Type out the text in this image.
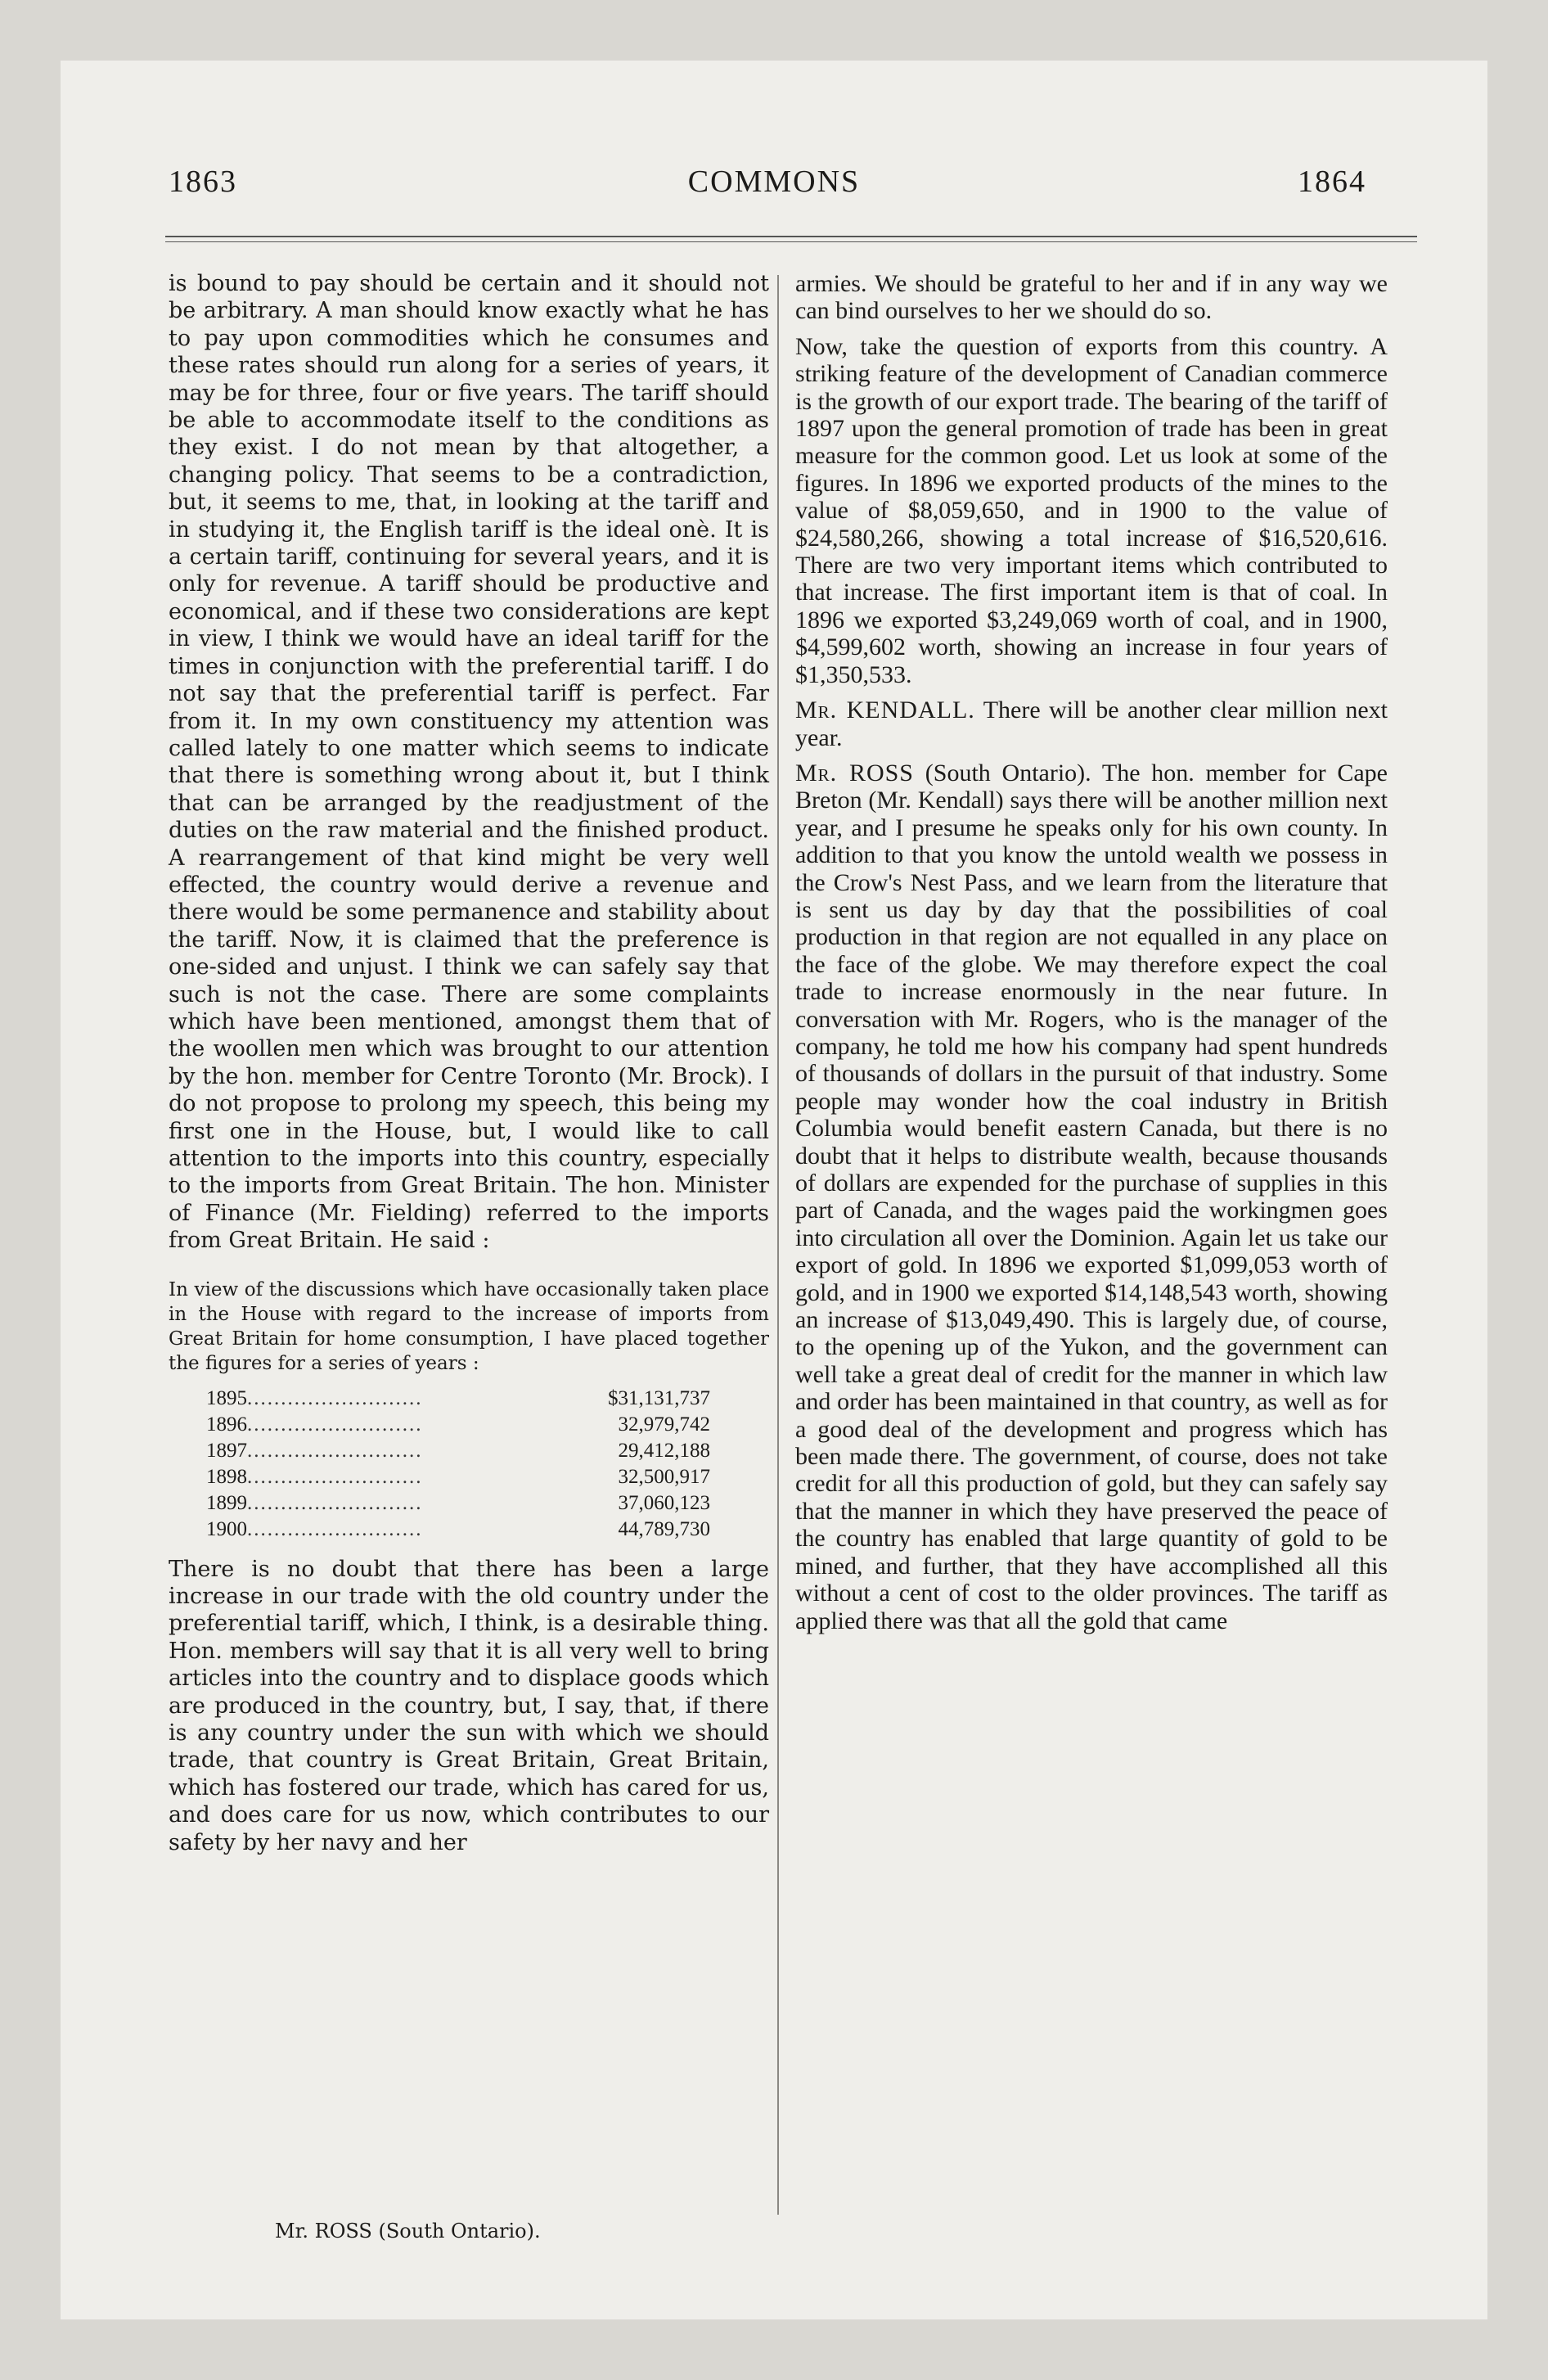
1863	COMMONS	1864

is bound to pay should be certain and it should not be arbitrary. A man should know exactly what he has to pay upon commodities which he consumes and these rates should run along for a series of years, it may be for three, four or five years. The tariff should be able to accommodate itself to the conditions as they exist. I do not mean by that altogether, a changing policy. That seems to be a contradiction, but, it seems to me, that, in looking at the tariff and in studying it, the English tariff is the ideal onè. It is a certain tariff, continuing for several years, and it is only for revenue. A tariff should be productive and economical, and if these two considerations are kept in view, I think we would have an ideal tariff for the times in conjunction with the preferential tariff. I do not say that the preferential tariff is perfect. Far from it. In my own constituency my attention was called lately to one matter which seems to indicate that there is something wrong about it, but I think that can be arranged by the readjustment of the duties on the raw material and the finished product. A rearrangement of that kind might be very well effected, the country would derive a revenue and there would be some permanence and stability about the tariff. Now, it is claimed that the preference is one-sided and unjust. I think we can safely say that such is not the case. There are some complaints which have been mentioned, amongst them that of the woollen men which was brought to our attention by the hon. member for Centre Toronto (Mr. Brock). I do not propose to prolong my speech, this being my first one in the House, but, I would like to call attention to the imports into this country, especially to the imports from Great Britain. The hon. Minister of Finance (Mr. Fielding) referred to the imports from Great Britain. He said :

In view of the discussions which have occasionally taken place in the House with regard to the increase of imports from Great Britain for home consumption, I have placed together the figures for a series of years :
1895..........................	$31,131,737
1896..........................	32,979,742
1897..........................	29,412,188
1898..........................	32,500,917
1899..........................	37,060,123
1900..........................	44,789,730

There is no doubt that there has been a large increase in our trade with the old country under the preferential tariff, which, I think, is a desirable thing. Hon. members will say that it is all very well to bring articles into the country and to displace goods which are produced in the country, but, I say, that, if there is any country under the sun with which we should trade, that country is Great Britain, Great Britain, which has fostered our trade, which has cared for us, and does care for us now, which contributes to our safety by her navy and her

armies. We should be grateful to her and if in any way we can bind ourselves to her we should do so.

Now, take the question of exports from this country. A striking feature of the development of Canadian commerce is the growth of our export trade. The bearing of the tariff of 1897 upon the general promotion of trade has been in great measure for the common good. Let us look at some of the figures. In 1896 we exported products of the mines to the value of $8,059,650, and in 1900 to the value of $24,580,266, showing a total increase of $16,520,616. There are two very important items which contributed to that increase. The first important item is that of coal. In 1896 we exported $3,249,069 worth of coal, and in 1900, $4,599,602 worth, showing an increase in four years of $1,350,533.

Mr. KENDALL. There will be another clear million next year.

Mr. ROSS (South Ontario). The hon. member for Cape Breton (Mr. Kendall) says there will be another million next year, and I presume he speaks only for his own county. In addition to that you know the untold wealth we possess in the Crow's Nest Pass, and we learn from the literature that is sent us day by day that the possibilities of coal production in that region are not equalled in any place on the face of the globe. We may therefore expect the coal trade to increase enormously in the near future. In conversation with Mr. Rogers, who is the manager of the company, he told me how his company had spent hundreds of thousands of dollars in the pursuit of that industry. Some people may wonder how the coal industry in British Columbia would benefit eastern Canada, but there is no doubt that it helps to distribute wealth, because thousands of dollars are expended for the purchase of supplies in this part of Canada, and the wages paid the workingmen goes into circulation all over the Dominion. Again let us take our export of gold. In 1896 we exported $1,099,053 worth of gold, and in 1900 we exported $14,148,543 worth, showing an increase of $13,049,490. This is largely due, of course, to the opening up of the Yukon, and the government can well take a great deal of credit for the manner in which law and order has been maintained in that country, as well as for a good deal of the development and progress which has been made there. The government, of course, does not take credit for all this production of gold, but they can safely say that the manner in which they have preserved the peace of the country has enabled that large quantity of gold to be mined, and further, that they have accomplished all this without a cent of cost to the older provinces. The tariff as applied there was that all the gold that came

Mr. ROSS (South Ontario).
